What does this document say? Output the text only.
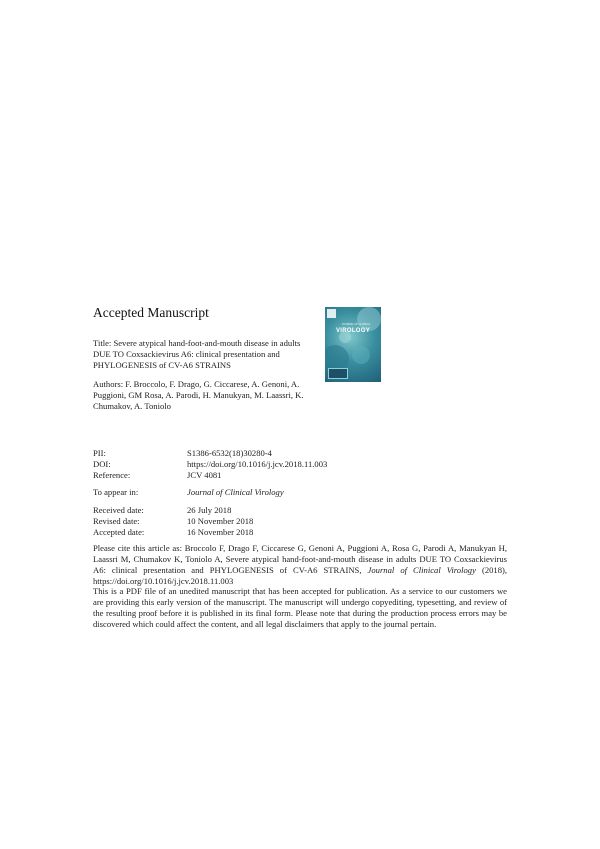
Accepted Manuscript
JOURNAL OF CLINICAL
VIROLOGY
Title: Severe atypical hand-foot-and-mouth disease in adults DUE TO Coxsackievirus A6: clinical presentation and PHYLOGENESIS of CV-A6 STRAINS
Authors: F. Broccolo, F. Drago, G. Ciccarese, A. Genoni, A. Puggioni, GM Rosa, A. Parodi, H. Manukyan, M. Laassri, K. Chumakov, A. Toniolo
PII:	S1386-6532(18)30280-4
DOI:	https://doi.org/10.1016/j.jcv.2018.11.003
Reference:	JCV 4081
To appear in:	Journal of Clinical Virology
Received date:	26 July 2018
Revised date:	10 November 2018
Accepted date:	16 November 2018
Please cite this article as: Broccolo F, Drago F, Ciccarese G, Genoni A, Puggioni A, Rosa G, Parodi A, Manukyan H, Laassri M, Chumakov K, Toniolo A, Severe atypical hand-foot-and-mouth disease in adults DUE TO Coxsackievirus A6: clinical presentation and PHYLOGENESIS of CV-A6 STRAINS, Journal of Clinical Virology (2018), https://doi.org/10.1016/j.jcv.2018.11.003
This is a PDF file of an unedited manuscript that has been accepted for publication. As a service to our customers we are providing this early version of the manuscript. The manuscript will undergo copyediting, typesetting, and review of the resulting proof before it is published in its final form. Please note that during the production process errors may be discovered which could affect the content, and all legal disclaimers that apply to the journal pertain.
